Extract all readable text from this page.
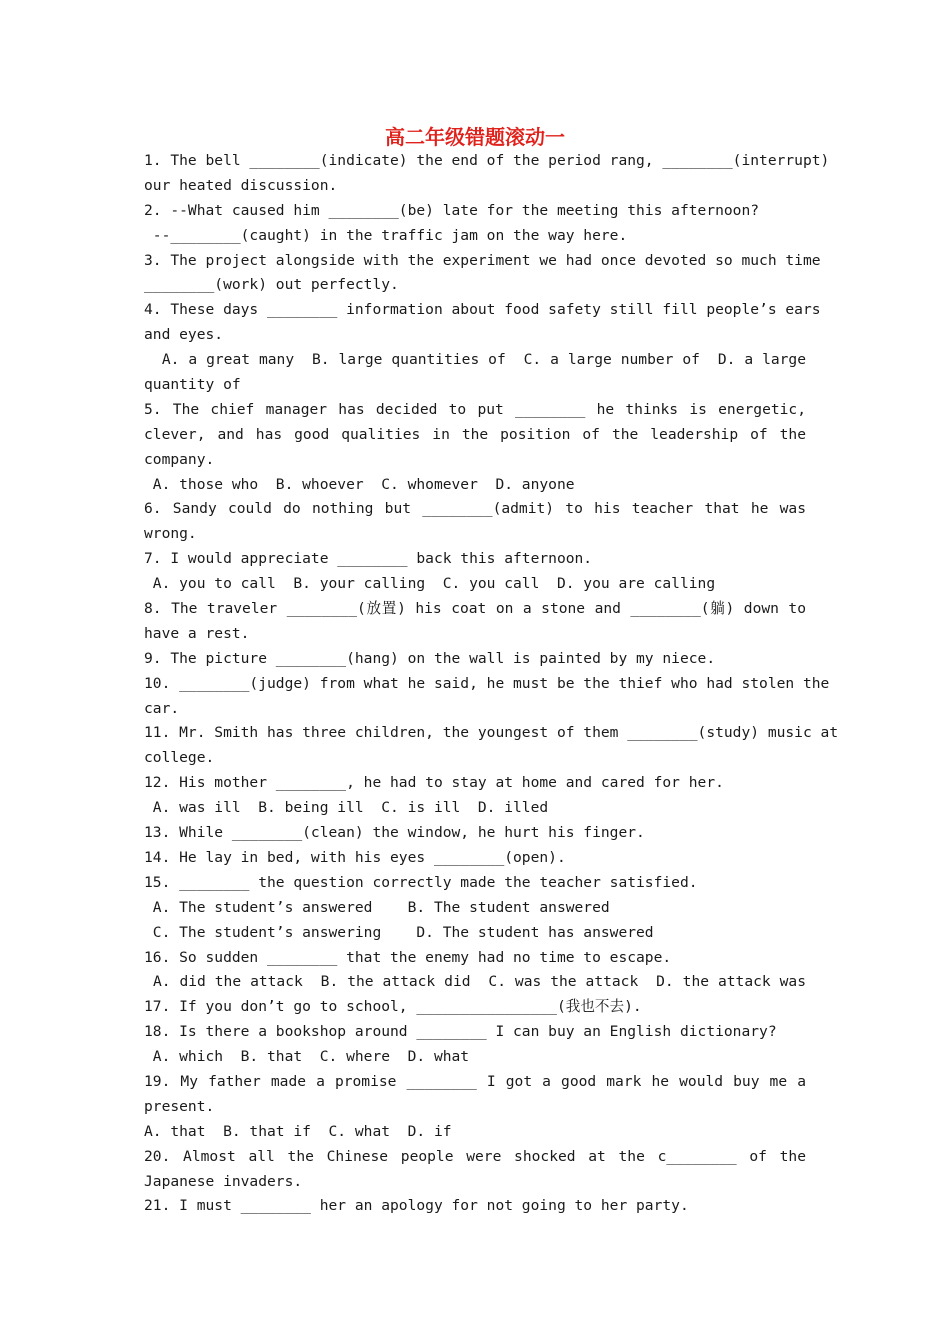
高二年级错题滚动一
1. The bell ________(indicate) the end of the period rang, ________(interrupt)
our heated discussion.
2. --What caused him ________(be) late for the meeting this afternoon?
--________(caught) in the traffic jam on the way here.
3. The project alongside with the experiment we had once devoted so much time
________(work) out perfectly.
4. These days ________ information about food safety still fill people’s ears
and eyes.
A. a great many  B. large quantities of  C. a large number of  D. a large
quantity of
5. The chief manager has decided to put ________ he thinks is energetic,
clever, and has good qualities in the position of the leadership of the
company.
A. those who  B. whoever  C. whomever  D. anyone
6. Sandy could do nothing but ________(admit) to his teacher that he was
wrong.
7. I would appreciate ________ back this afternoon.
A. you to call  B. your calling  C. you call  D. you are calling
8. The traveler ________(放置) his coat on a stone and ________(躺) down to
have a rest.
9. The picture ________(hang) on the wall is painted by my niece.
10. ________(judge) from what he said, he must be the thief who had stolen the
car.
11. Mr. Smith has three children, the youngest of them ________(study) music at
college.
12. His mother ________, he had to stay at home and cared for her.
A. was ill  B. being ill  C. is ill  D. illed
13. While ________(clean) the window, he hurt his finger.
14. He lay in bed, with his eyes ________(open).
15. ________ the question correctly made the teacher satisfied.
A. The student’s answered    B. The student answered
C. The student’s answering    D. The student has answered
16. So sudden ________ that the enemy had no time to escape.
A. did the attack  B. the attack did  C. was the attack  D. the attack was
17. If you don’t go to school, ________________(我也不去).
18. Is there a bookshop around ________ I can buy an English dictionary?
A. which  B. that  C. where  D. what
19. My father made a promise ________ I got a good mark he would buy me a
present.
A. that  B. that if  C. what  D. if
20. Almost all the Chinese people were shocked at the c________ of the
Japanese invaders.
21. I must ________ her an apology for not going to her party.
